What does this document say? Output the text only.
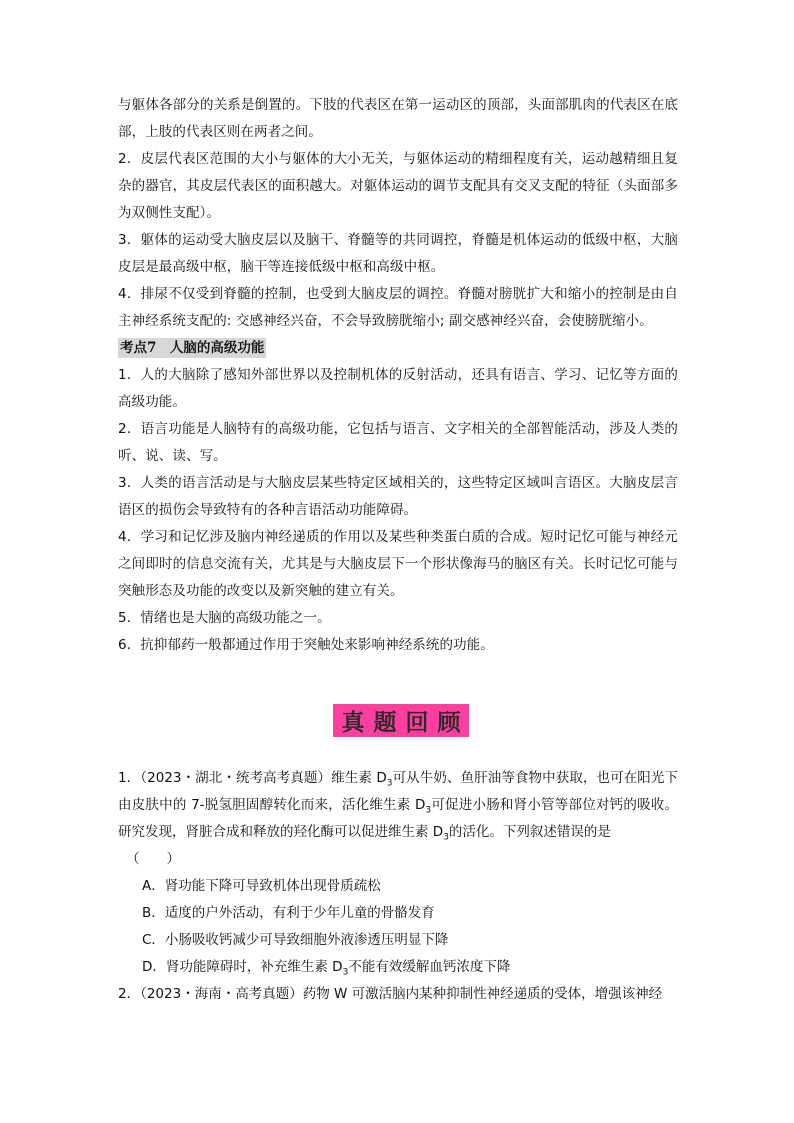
与躯体各部分的关系是倒置的。下肢的代表区在第一运动区的顶部，头面部肌肉的代表区在底部，上肢的代表区则在两者之间。

2．皮层代表区范围的大小与躯体的大小无关，与躯体运动的精细程度有关，运动越精细且复杂的器官，其皮层代表区的面积越大。对躯体运动的调节支配具有交叉支配的特征（头面部多为双侧性支配）。

3．躯体的运动受大脑皮层以及脑干、脊髓等的共同调控，脊髓是机体运动的低级中枢，大脑皮层是最高级中枢，脑干等连接低级中枢和高级中枢。

4．排尿不仅受到脊髓的控制，也受到大脑皮层的调控。脊髓对膀胱扩大和缩小的控制是由自主神经系统支配的: 交感神经兴奋，不会导致膀胱缩小; 副交感神经兴奋，会使膀胱缩小。

考点7　人脑的高级功能

1．人的大脑除了感知外部世界以及控制机体的反射活动，还具有语言、学习、记忆等方面的高级功能。

2．语言功能是人脑特有的高级功能，它包括与语言、文字相关的全部智能活动，涉及人类的听、说、读、写。

3．人类的语言活动是与大脑皮层某些特定区域相关的，这些特定区域叫言语区。大脑皮层言语区的损伤会导致特有的各种言语活动功能障碍。

4．学习和记忆涉及脑内神经递质的作用以及某些种类蛋白质的合成。短时记忆可能与神经元之间即时的信息交流有关，尤其是与大脑皮层下一个形状像海马的脑区有关。长时记忆可能与突触形态及功能的改变以及新突触的建立有关。

5．情绪也是大脑的高级功能之一。

6．抗抑郁药一般都通过作用于突触处来影响神经系统的功能。

真题回顾

1．（2023・湖北・统考高考真题）维生素 $D_3$可从牛奶、鱼肝油等食物中获取，也可在阳光下由皮肤中的 7-脱氢胆固醇转化而来，活化维生素 $D_3$可促进小肠和肾小管等部位对钙的吸收。研究发现，肾脏合成和释放的羟化酶可以促进维生素 $D_3$的活化。下列叙述错误的是

（　　）

A．肾功能下降可导致机体出现骨质疏松

B．适度的户外活动，有利于少年儿童的骨骼发育

C．小肠吸收钙减少可导致细胞外液渗透压明显下降

D．肾功能障碍时，补充维生素 $D_3$不能有效缓解血钙浓度下降

2．（2023・海南・高考真题）药物 W 可激活脑内某种抑制性神经递质的受体，增强该神经
